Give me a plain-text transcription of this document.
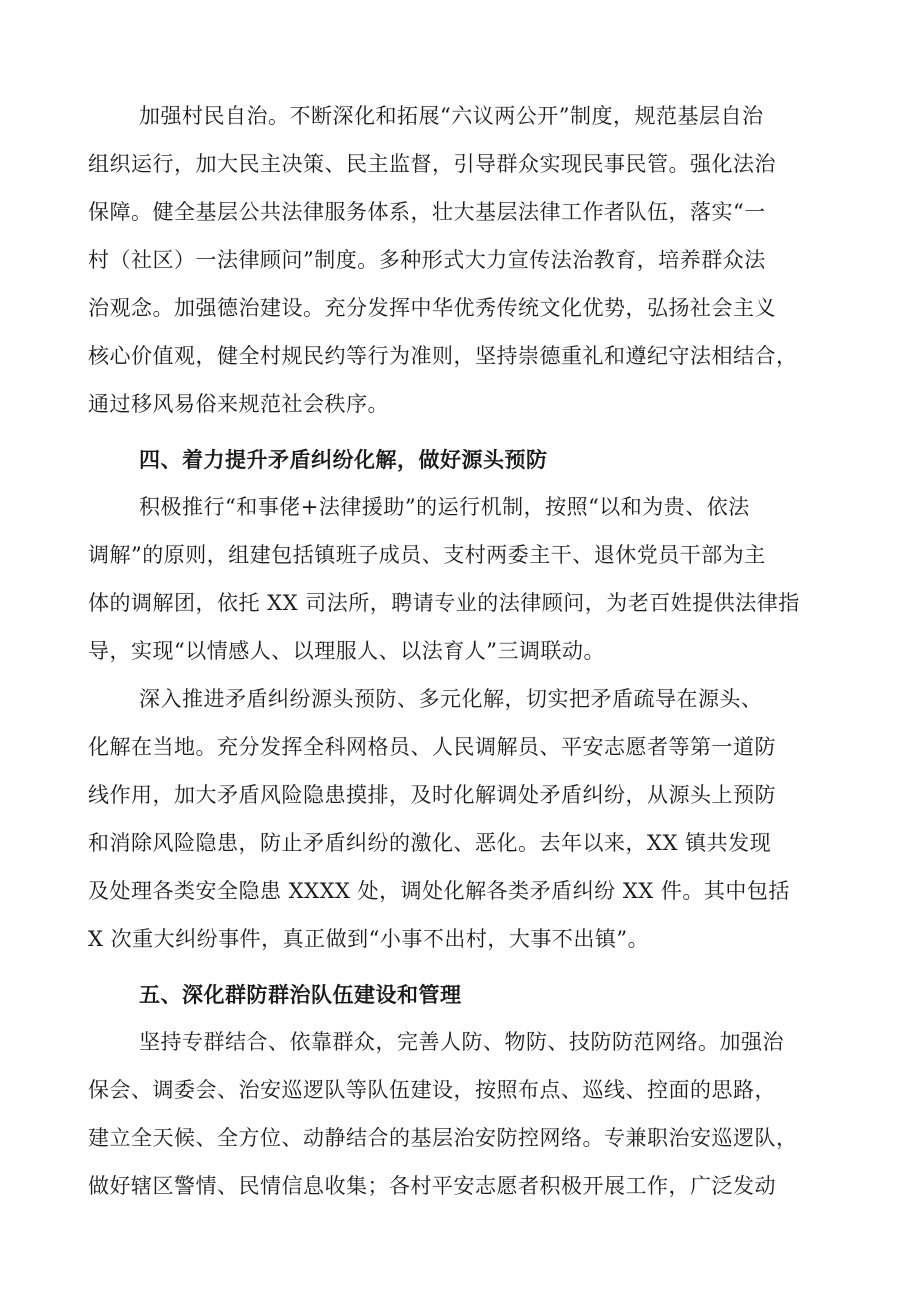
加强村民自治。不断深化和拓展“六议两公开”制度，规范基层自治
组织运行，加大民主决策、民主监督，引导群众实现民事民管。强化法治
保障。健全基层公共法律服务体系，壮大基层法律工作者队伍，落实“一
村（社区）一法律顾问”制度。多种形式大力宣传法治教育，培养群众法
治观念。加强德治建设。充分发挥中华优秀传统文化优势，弘扬社会主义
核心价值观，健全村规民约等行为准则，坚持崇德重礼和遵纪守法相结合，
通过移风易俗来规范社会秩序。
四、着力提升矛盾纠纷化解，做好源头预防
积极推行“和事佬+法律援助”的运行机制，按照“以和为贵、依法
调解”的原则，组建包括镇班子成员、支村两委主干、退休党员干部为主
体的调解团，依托 XX 司法所，聘请专业的法律顾问，为老百姓提供法律指
导，实现“以情感人、以理服人、以法育人”三调联动。
深入推进矛盾纠纷源头预防、多元化解，切实把矛盾疏导在源头、
化解在当地。充分发挥全科网格员、人民调解员、平安志愿者等第一道防
线作用，加大矛盾风险隐患摸排，及时化解调处矛盾纠纷，从源头上预防
和消除风险隐患，防止矛盾纠纷的激化、恶化。去年以来，XX 镇共发现
及处理各类安全隐患 XXXX 处，调处化解各类矛盾纠纷 XX 件。其中包括
X 次重大纠纷事件，真正做到“小事不出村，大事不出镇”。
五、深化群防群治队伍建设和管理
坚持专群结合、依靠群众，完善人防、物防、技防防范网络。加强治
保会、调委会、治安巡逻队等队伍建设，按照布点、巡线、控面的思路，
建立全天候、全方位、动静结合的基层治安防控网络。专兼职治安巡逻队，
做好辖区警情、民情信息收集；各村平安志愿者积极开展工作，广泛发动
